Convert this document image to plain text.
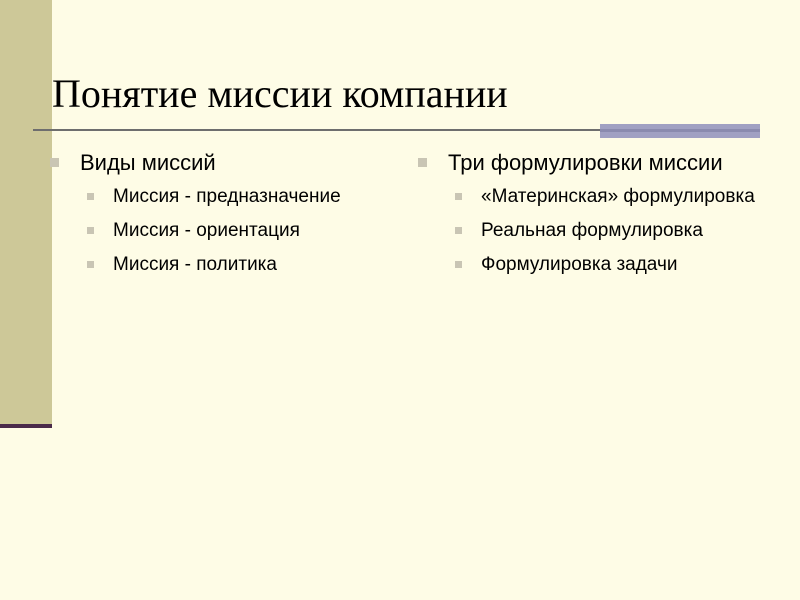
Понятие миссии компании
Виды миссий
Миссия - предназначение
Миссия - ориентация
Миссия - политика
Три формулировки миссии
«Материнская» формулировка
Реальная формулировка
Формулировка задачи
